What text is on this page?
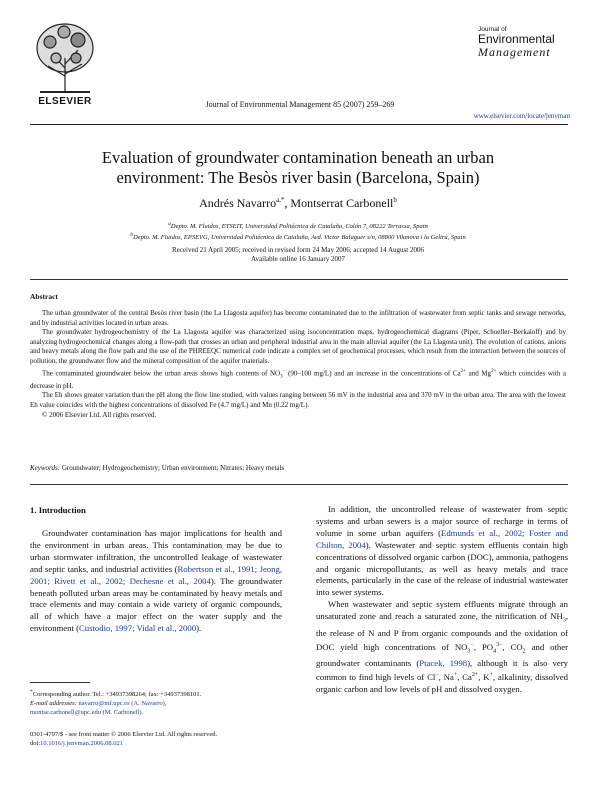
ELSEVIER	Journal of Environmental Management 85 (2007) 259–269
Journal of
Environmental
Management
www.elsevier.com/locate/jenvman
Evaluation of groundwater contamination beneath an urban
environment: The Besòs river basin (Barcelona, Spain)
Andrés Navarro$^{a,*}$, Montserrat Carbonell$^b$
$^a$Depto. M. Fluidos, ETSEIT, Universidad Politécnica de Cataluña, Colón 7, 08222 Terrassa, Spain
$^b$Depto. M. Fluidos, EPSEVG, Universidad Politécnica de Cataluña, Avd. Victor Balaguer s/n, 08800 Vilanova i la Geltrú, Spain
Received 21 April 2005; received in revised form 24 May 2006; accepted 14 August 2006
Available online 16 January 2007
Abstract

The urban groundwater of the central Besòs river basin (the La Llagosta aquifer) has become contaminated due to the infiltration of wastewater from septic tanks and sewage networks, and by industrial activities located in urban areas.

The groundwater hydrogeochemistry of the La Llagosta aquifer was characterized using isoconcentration maps, hydrogeochemical diagrams (Piper, Schoeller–Berkaloff) and by analyzing hydrogeochemical changes along a flow-path that crosses an urban and peripheral industrial area in the main alluvial aquifer (the La Llagosta unit). The evolution of cations, anions and heavy metals along the flow path and the use of the PHREEQC numerical code indicate a complex set of geochemical processes, which result from the interaction between the sources of pollution, the groundwater flow and the mineral composition of the aquifer materials.

The contaminated groundwater below the urban areas shows high contents of $NO_3^-$ (90–100 mg/L) and an increase in the concentrations of $Ca^{2+}$ and $Mg^{2+}$ which coincides with a decrease in pH.

The Eh shows greater variation than the pH along the flow line studied, with values ranging between 56 mV in the industrial area and 370 mV in the urban area. The area with the lowest Eh value coincides with the highest concentrations of dissolved Fe (4.7 mg/L) and Mn (0.22 mg/L).

© 2006 Elsevier Ltd. All rights reserved.

Keywords: Groundwater; Hydrogeochemistry; Urban environment; Nitrates; Heavy metals
1. Introduction

Groundwater contamination has major implications for health and the environment in urban areas. This contamination may be due to urban stormwater infiltration, the uncontrolled leakage of wastewater and septic tanks, and industrial activities (Robertson et al., 1991; Jeong, 2001; Rivett et al., 2002; Dechesne et al., 2004). The groundwater beneath polluted urban areas may be contaminated by heavy metals and trace elements and may contain a wide variety of organic compounds, all of which have a major effect on the water supply and the environment (Custodio, 1997; Vidal et al., 2000).

In addition, the uncontrolled release of wastewater from septic systems and urban sewers is a major source of recharge in terms of volume in some urban aquifers (Edmunds et al., 2002; Foster and Chilton, 2004). Wastewater and septic system effluents contain high concentrations of dissolved organic carbon (DOC), ammonia, pathogens and organic micropollutants, as well as heavy metals and trace elements, particularly in the case of the release of industrial wastewater into sewer systems.

When wastewater and septic system effluents migrate through an unsaturated zone and reach a saturated zone, the nitrification of $NH_3$, the release of N and P from organic compounds and the oxidation of DOC yield high concentrations of $NO_3^-$, $PO_4^{3-}$, $CO_2$ and other groundwater contaminants (Ptacek, 1998), although it is also very common to find high levels of Cl−, Na+, $Ca^{2+}$, K+, alkalinity, dissolved organic carbon and low levels of pH and dissolved oxygen.

*Corresponding author. Tel.: +34937398264; fax: +34937398101.
E-mail addresses: navarro@mf.upc.es (A. Navarro),
montse.carbonell@upc.edu (M. Carbonell).
0301-4797/$ - see front matter © 2006 Elsevier Ltd. All rights reserved.
doi:10.1016/j.jenvman.2006.08.021
